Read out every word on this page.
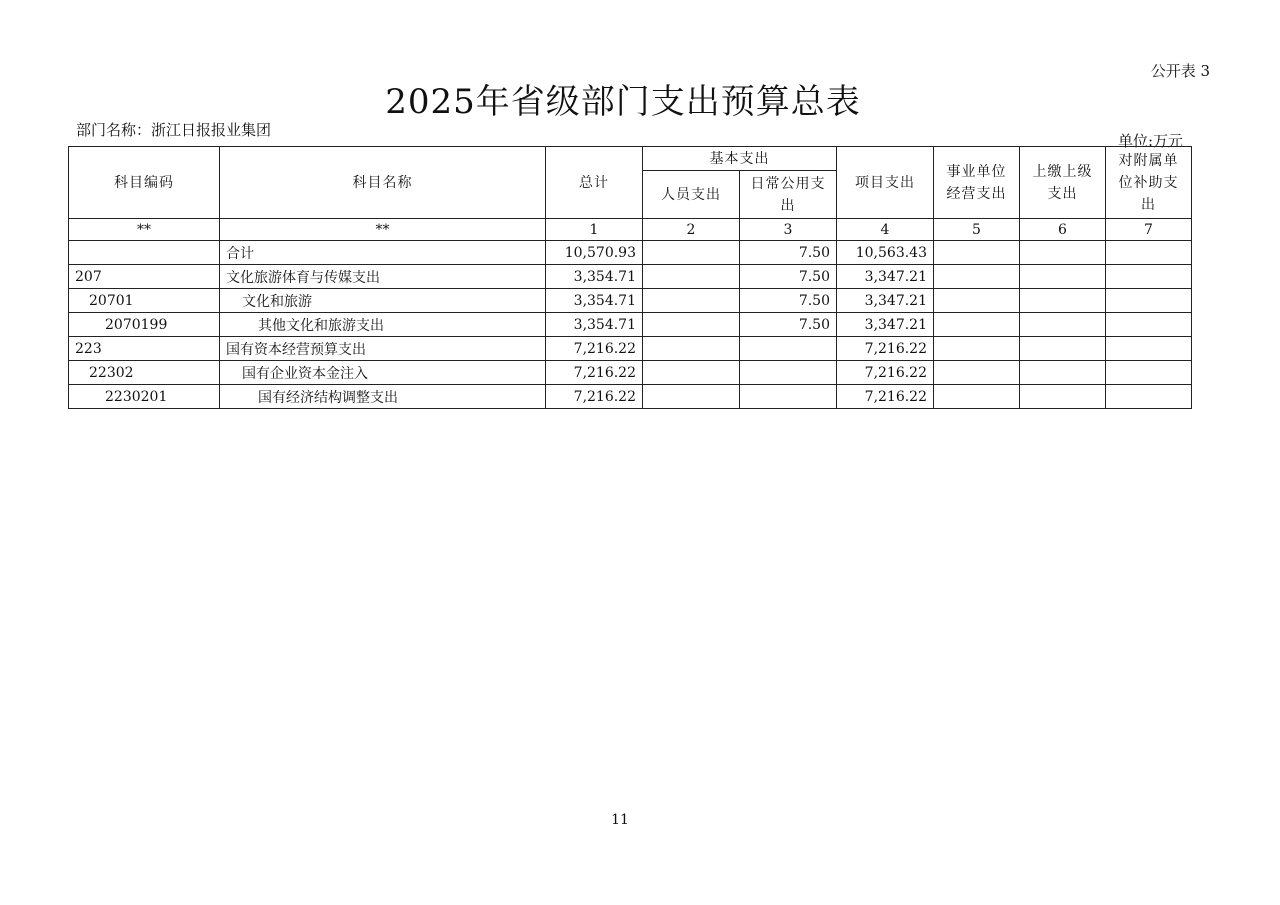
公开表 3
2025年省级部门支出预算总表
部门名称：浙江日报报业集团
单位:万元
科目编码	科目名称	总计	基本支出		项目支出	事业单位经营支出	上缴上级支出	对附属单位补助支出
			人员支出	日常公用支出				
**	**	1	2	3	4	5	6	7
	合计	10,570.93		7.50	10,563.43			
207	文化旅游体育与传媒支出	3,354.71		7.50	3,347.21			
20701	文化和旅游	3,354.71		7.50	3,347.21			
2070199	其他文化和旅游支出	3,354.71		7.50	3,347.21			
223	国有资本经营预算支出	7,216.22			7,216.22			
22302	国有企业资本金注入	7,216.22			7,216.22			
2230201	国有经济结构调整支出	7,216.22			7,216.22			
11
